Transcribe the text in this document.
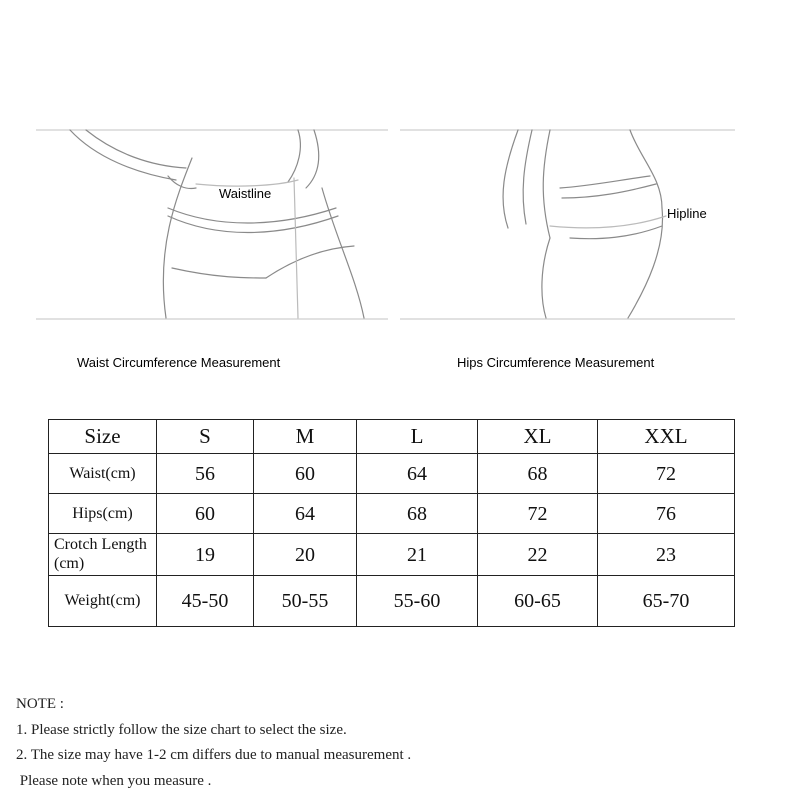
Waistline
Hipline
Waist Circumference Measurement	Hips Circumference Measurement
Size	S	M	L	XL	XXL
Waist(cm)	56	60	64	68	72
Hips(cm)	60	64	68	72	76
Crotch Length
(cm)	19	20	21	22	23
Weight(cm)	45-50	50-55	55-60	60-65	65-70
NOTE :
1. Please strictly follow the size chart to select the size.
2. The size may have 1-2 cm differs due to manual measurement .
Please note when you measure .
